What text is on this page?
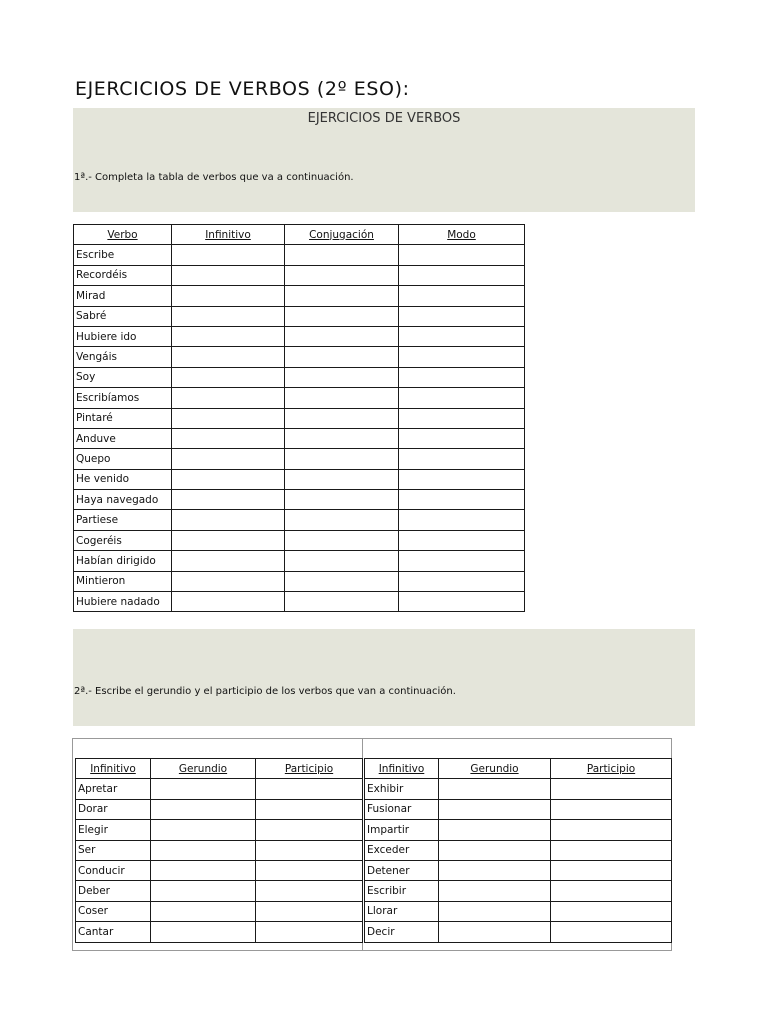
EJERCICIOS DE VERBOS (2º ESO):
EJERCICIOS DE VERBOS
1ª.- Completa la tabla de verbos que va a continuación.
Verbo	Infinitivo	Conjugación	Modo
Escribe			
Recordéis			
Mirad			
Sabré			
Hubiere ido			
Vengáis			
Soy			
Escribíamos			
Pintaré			
Anduve			
Quepo			
He venido			
Haya navegado			
Partiese			
Cogeréis			
Habían dirigido			
Mintieron			
Hubiere nadado			
2ª.- Escribe el gerundio y el participio de los verbos que van a continuación.
Infinitivo	Gerundio	Participio
Apretar		
Dorar		
Elegir		
Ser		
Conducir		
Deber		
Coser		
Cantar		
Infinitivo	Gerundio	Participio
Exhibir		
Fusionar		
Impartir		
Exceder		
Detener		
Escribir		
Llorar		
Decir		
